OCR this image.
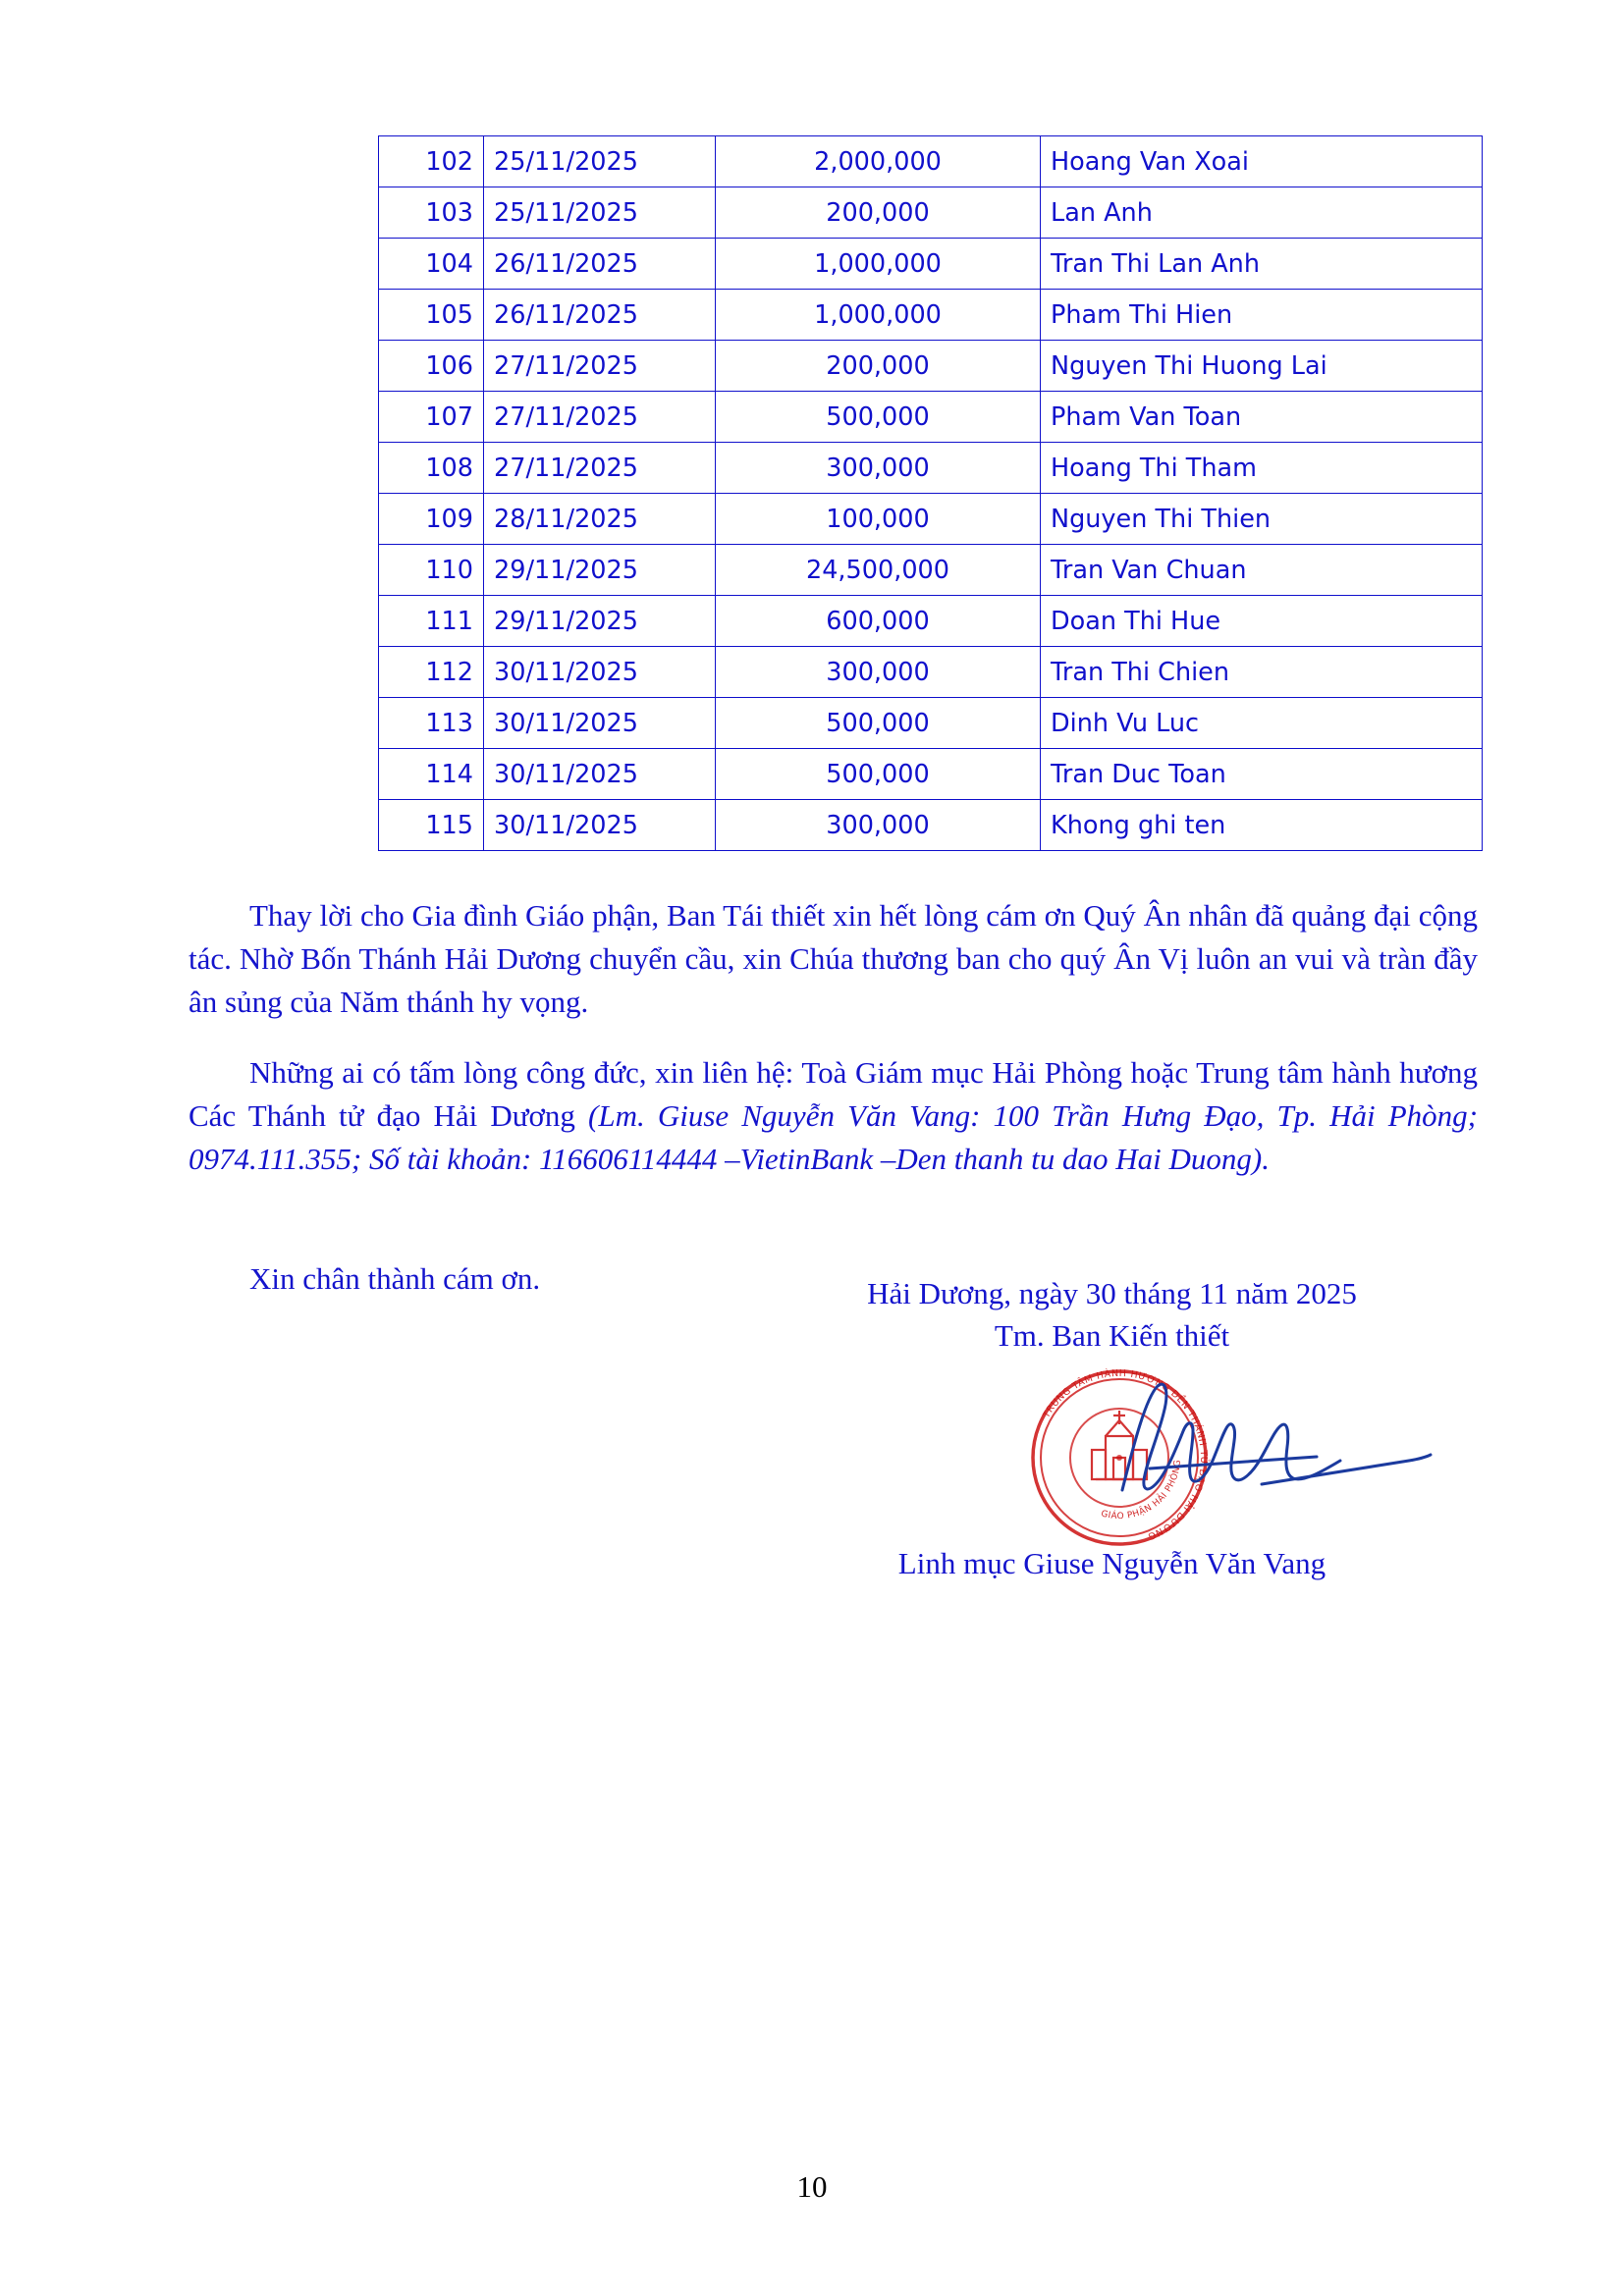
102	25/11/2025	2,000,000	Hoang Van Xoai
103	25/11/2025	200,000	Lan Anh
104	26/11/2025	1,000,000	Tran Thi Lan Anh
105	26/11/2025	1,000,000	Pham Thi Hien
106	27/11/2025	200,000	Nguyen Thi Huong Lai
107	27/11/2025	500,000	Pham Van Toan
108	27/11/2025	300,000	Hoang Thi Tham
109	28/11/2025	100,000	Nguyen Thi Thien
110	29/11/2025	24,500,000	Tran Van Chuan
111	29/11/2025	600,000	Doan Thi Hue
112	30/11/2025	300,000	Tran Thi Chien
113	30/11/2025	500,000	Dinh Vu Luc
114	30/11/2025	500,000	Tran Duc Toan
115	30/11/2025	300,000	Khong ghi ten

Thay lời cho Gia đình Giáo phận, Ban Tái thiết xin hết lòng cám ơn Quý Ân nhân đã quảng đại cộng tác. Nhờ Bốn Thánh Hải Dương chuyển cầu, xin Chúa thương ban cho quý Ân Vị luôn an vui và tràn đầy ân sủng của Năm thánh hy vọng.

Những ai có tấm lòng công đức, xin liên hệ: Toà Giám mục Hải Phòng hoặc Trung tâm hành hương Các Thánh tử đạo Hải Dương (Lm. Giuse Nguyễn Văn Vang: 100 Trần Hưng Đạo, Tp. Hải Phòng; 0974.111.355; Số tài khoản: 116606114444 –VietinBank –Den thanh tu dao Hai Duong).

Xin chân thành cám ơn.	Hải Dương, ngày 30 tháng 11 năm 2025
Tm. Ban Kiến thiết
TRUNG TÂM HÀNH HƯƠNG ĐỀN THÁNH TỬ ĐẠO HẢI DƯƠNG
GIÁO PHẬN HẢI PHÒNG
Linh mục Giuse Nguyễn Văn Vang
10
